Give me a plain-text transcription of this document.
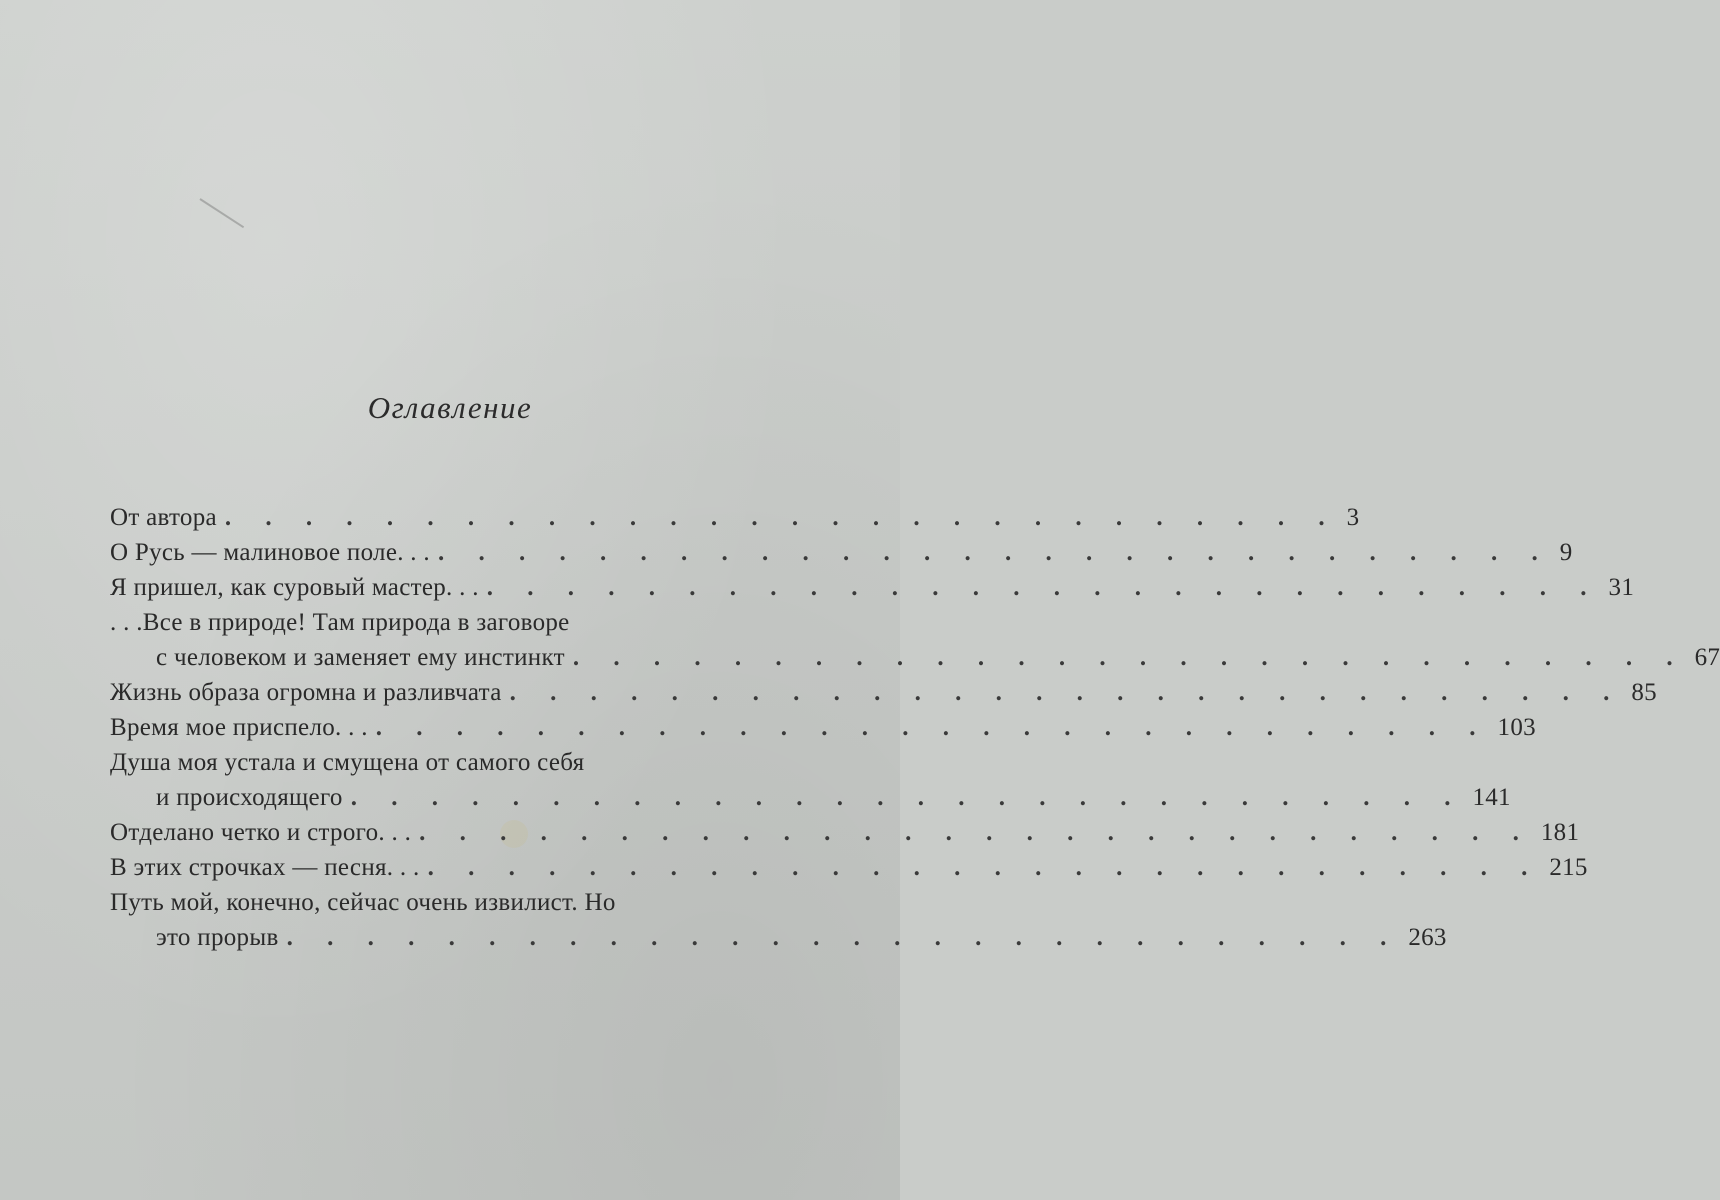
Оглавление
От автора . . . . . . . . . . . . . . . . . . . . . . . . . . . . 3
О Русь — малиновое поле. . . . . . . . . . . . . . . . . . . . . . . . . . . . . . . 9
Я пришел, как суровый мастер. . . . . . . . . . . . . . . . . . . . . . . . . . . . . . . 31
. . .Все в природе! Там природа в заговоре
с человеком и заменяет ему инстинкт . . . . . . . . . . . . . . . . . . . . . . . . . . . . 67
Жизнь образа огромна и разливчата . . . . . . . . . . . . . . . . . . . . . . . . . . . . 85
Время мое приспело. . . . . . . . . . . . . . . . . . . . . . . . . . . . . . . 103
Душа моя устала и смущена от самого себя
и происходящего . . . . . . . . . . . . . . . . . . . . . . . . . . . . 141
Отделано четко и строго. . . . . . . . . . . . . . . . . . . . . . . . . . . . . . . 181
В этих строчках — песня. . . . . . . . . . . . . . . . . . . . . . . . . . . . . . . 215
Путь мой, конечно, сейчас очень извилист. Но
это прорыв . . . . . . . . . . . . . . . . . . . . . . . . . . . . 263
